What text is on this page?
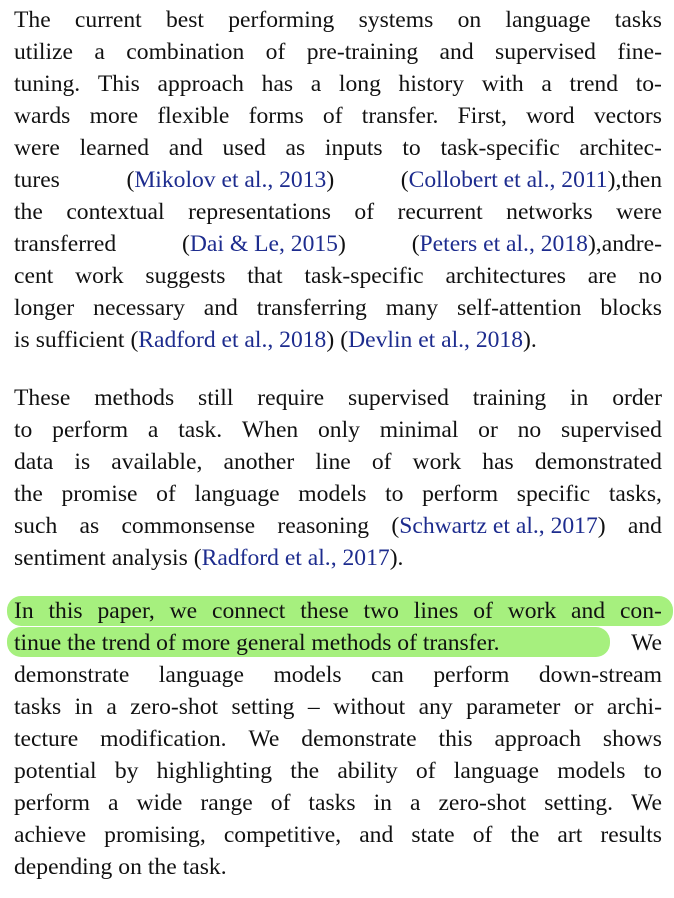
The current best performing systems on language tasks
utilize a combination of pre-training and supervised fine-
tuning. This approach has a long history with a trend to-
wards more flexible forms of transfer. First, word vectors
were learned and used as inputs to task-specific architec-
tures	(Mikolov et al., 2013)	(Collobert et al., 2011),then
the contextual representations of recurrent networks were
transferred	(Dai & Le, 2015)	(Peters et al., 2018),andre-
cent work suggests that task-specific architectures are no
longer necessary and transferring many self-attention blocks
is sufficient (Radford et al., 2018) (Devlin et al., 2018).
These methods still require supervised training in order
to perform a task. When only minimal or no supervised
data is available, another line of work has demonstrated
the promise of language models to perform specific tasks,
such as commonsense reasoning (Schwartz et al., 2017) and
sentiment analysis (Radford et al., 2017).
In this paper, we connect these two lines of work and con-
tinue the trend of more general methods of transfer.	We
demonstrate language models can perform down-stream
tasks in a zero-shot setting – without any parameter or archi-
tecture modification. We demonstrate this approach shows
potential by highlighting the ability of language models to
perform a wide range of tasks in a zero-shot setting. We
achieve promising, competitive, and state of the art results
depending on the task.
